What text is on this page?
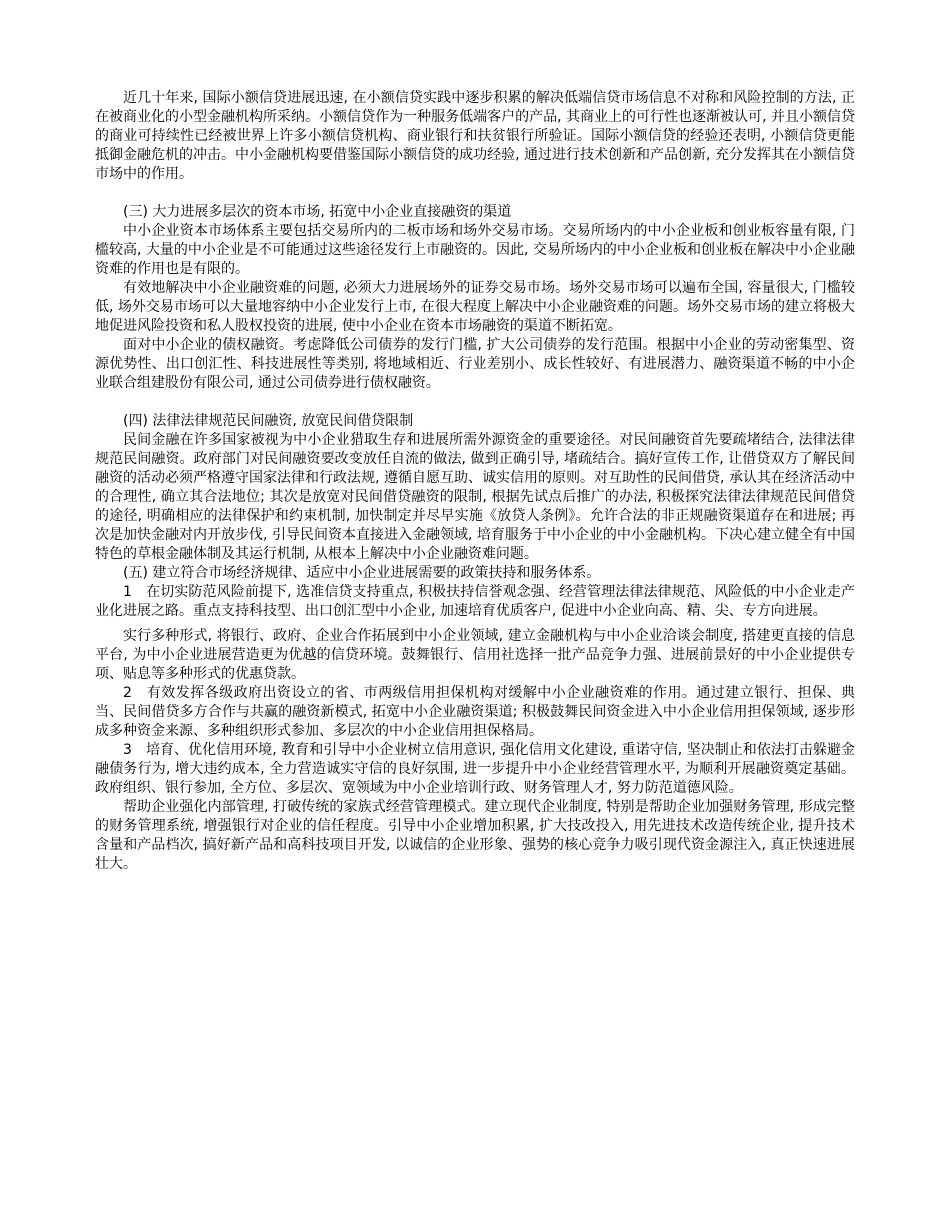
近几十年来, 国际小额信贷进展迅速, 在小额信贷实践中逐步积累的解决低端信贷市场信息不对称和风险控制的方法, 正在被商业化的小型金融机构所采纳。小额信贷作为一种服务低端客户的产品, 其商业上的可行性也逐渐被认可, 并且小额信贷的商业可持续性已经被世界上许多小额信贷机构、商业银行和扶贫银行所验证。国际小额信贷的经验还表明, 小额信贷更能抵御金融危机的冲击。中小金融机构要借鉴国际小额信贷的成功经验, 通过进行技术创新和产品创新, 充分发挥其在小额信贷市场中的作用。

(三) 大力进展多层次的资本市场, 拓宽中小企业直接融资的渠道

中小企业资本市场体系主要包括交易所内的二板市场和场外交易市场。交易所场内的中小企业板和创业板容量有限, 门槛较高, 大量的中小企业是不可能通过这些途径发行上市融资的。因此, 交易所场内的中小企业板和创业板在解决中小企业融资难的作用也是有限的。

有效地解决中小企业融资难的问题, 必须大力进展场外的证券交易市场。场外交易市场可以遍布全国, 容量很大, 门槛较低, 场外交易市场可以大量地容纳中小企业发行上市, 在很大程度上解决中小企业融资难的问题。场外交易市场的建立将极大地促进风险投资和私人股权投资的进展, 使中小企业在资本市场融资的渠道不断拓宽。

面对中小企业的债权融资。考虑降低公司债券的发行门槛, 扩大公司债券的发行范围。根据中小企业的劳动密集型、资源优势性、出口创汇性、科技进展性等类别, 将地域相近、行业差别小、成长性较好、有进展潜力、融资渠道不畅的中小企业联合组建股份有限公司, 通过公司债券进行债权融资。

(四) 法律法律规范民间融资, 放宽民间借贷限制

民间金融在许多国家被视为中小企业猎取生存和进展所需外源资金的重要途径。对民间融资首先要疏堵结合, 法律法律规范民间融资。政府部门对民间融资要改变放任自流的做法, 做到正确引导, 堵疏结合。搞好宣传工作, 让借贷双方了解民间融资的活动必须严格遵守国家法律和行政法规, 遵循自愿互助、诚实信用的原则。对互助性的民间借贷, 承认其在经济活动中的合理性, 确立其合法地位; 其次是放宽对民间借贷融资的限制, 根据先试点后推广的办法, 积极探究法律法律规范民间借贷的途径, 明确相应的法律保护和约束机制, 加快制定并尽早实施《放贷人条例》。允许合法的非正规融资渠道存在和进展; 再次是加快金融对内开放步伐, 引导民间资本直接进入金融领域, 培育服务于中小企业的中小金融机构。下决心建立健全有中国特色的草根金融体制及其运行机制, 从根本上解决中小企业融资难问题。

(五) 建立符合市场经济规律、适应中小企业进展需要的政策扶持和服务体系。

1　在切实防范风险前提下, 选准信贷支持重点, 积极扶持信誉观念强、经营管理法律法律规范、风险低的中小企业走产业化进展之路。重点支持科技型、出口创汇型中小企业, 加速培育优质客户, 促进中小企业向高、精、尖、专方向进展。

实行多种形式, 将银行、政府、企业合作拓展到中小企业领域, 建立金融机构与中小企业洽谈会制度, 搭建更直接的信息平台, 为中小企业进展营造更为优越的信贷环境。鼓舞银行、信用社选择一批产品竞争力强、进展前景好的中小企业提供专项、贴息等多种形式的优惠贷款。

2　有效发挥各级政府出资设立的省、市两级信用担保机构对缓解中小企业融资难的作用。通过建立银行、担保、典当、民间借贷多方合作与共赢的融资新模式, 拓宽中小企业融资渠道; 积极鼓舞民间资金进入中小企业信用担保领域, 逐步形成多种资金来源、多种组织形式参加、多层次的中小企业信用担保格局。

3　培育、优化信用环境, 教育和引导中小企业树立信用意识, 强化信用文化建设, 重诺守信, 坚决制止和依法打击躲避金融债务行为, 增大违约成本, 全力营造诚实守信的良好氛围, 进一步提升中小企业经营管理水平, 为顺利开展融资奠定基础。政府组织、银行参加, 全方位、多层次、宽领域为中小企业培训行政、财务管理人才, 努力防范道德风险。

帮助企业强化内部管理, 打破传统的家族式经营管理模式。建立现代企业制度, 特别是帮助企业加强财务管理, 形成完整的财务管理系统, 增强银行对企业的信任程度。引导中小企业增加积累, 扩大技改投入, 用先进技术改造传统企业, 提升技术含量和产品档次, 搞好新产品和高科技项目开发, 以诚信的企业形象、强势的核心竞争力吸引现代资金源注入, 真正快速进展壮大。
